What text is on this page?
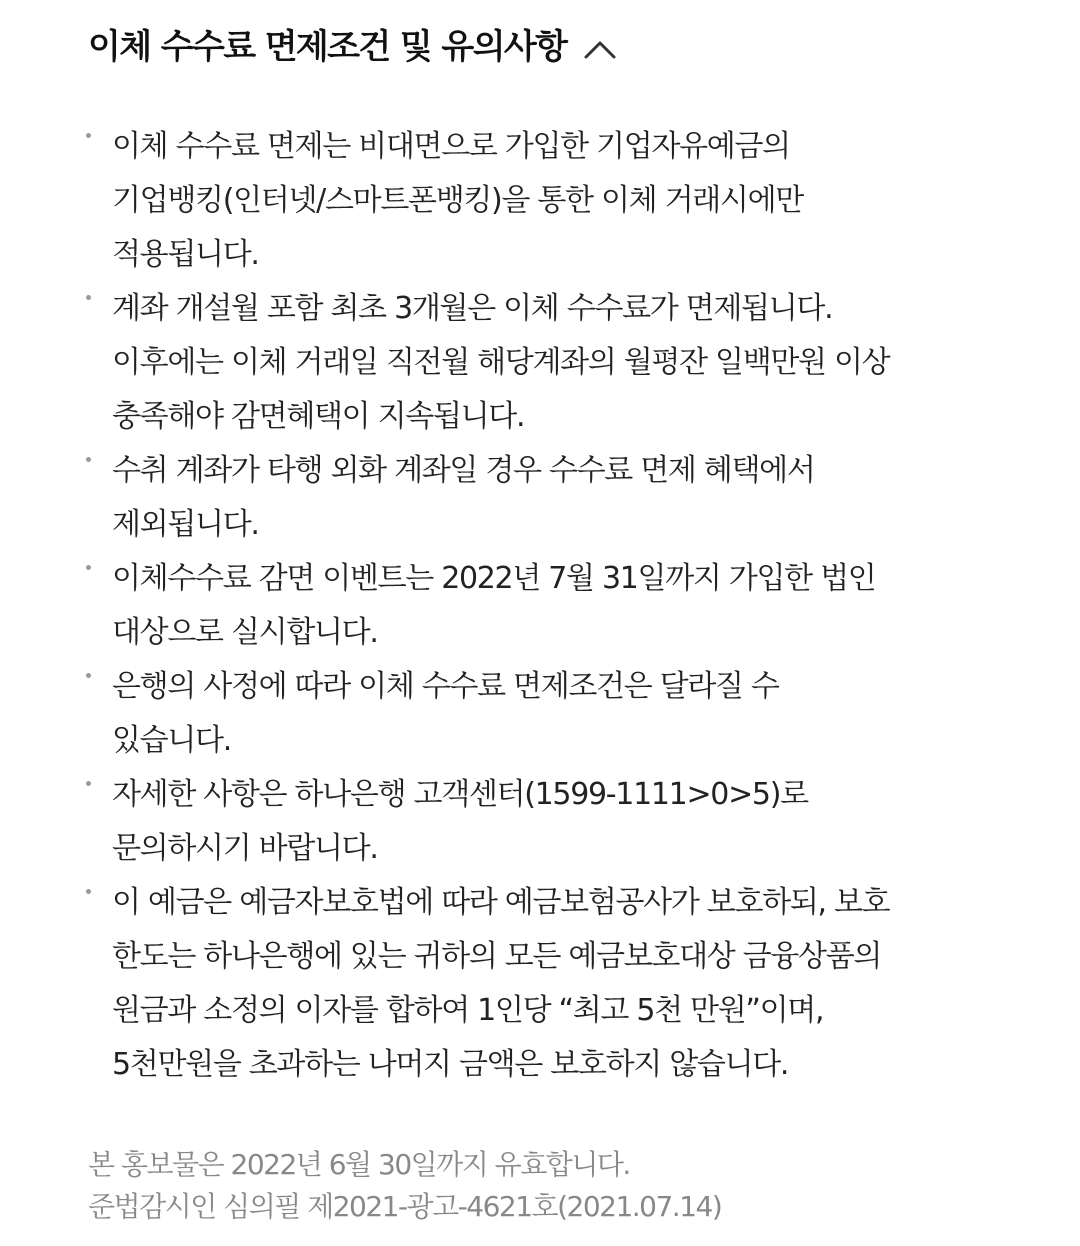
이체 수수료 면제조건 및 유의사항
이체 수수료 면제는 비대면으로 가입한 기업자유예금의
기업뱅킹(인터넷/스마트폰뱅킹)을 통한 이체 거래시에만
적용됩니다.
계좌 개설월 포함 최초 3개월은 이체 수수료가 면제됩니다.
이후에는 이체 거래일 직전월 해당계좌의 월평잔 일백만원 이상
충족해야 감면혜택이 지속됩니다.
수취 계좌가 타행 외화 계좌일 경우 수수료 면제 혜택에서
제외됩니다.
이체수수료 감면 이벤트는 2022년 7월 31일까지 가입한 법인
대상으로 실시합니다.
은행의 사정에 따라 이체 수수료 면제조건은 달라질 수
있습니다.
자세한 사항은 하나은행 고객센터(1599-1111>0>5)로
문의하시기 바랍니다.
이 예금은 예금자보호법에 따라 예금보험공사가 보호하되, 보호
한도는 하나은행에 있는 귀하의 모든 예금보호대상 금융상품의
원금과 소정의 이자를 합하여 1인당 “최고 5천 만원”이며,
5천만원을 초과하는 나머지 금액은 보호하지 않습니다.
본 홍보물은 2022년 6월 30일까지 유효합니다.
준법감시인 심의필 제2021-광고-4621호(2021.07.14)
